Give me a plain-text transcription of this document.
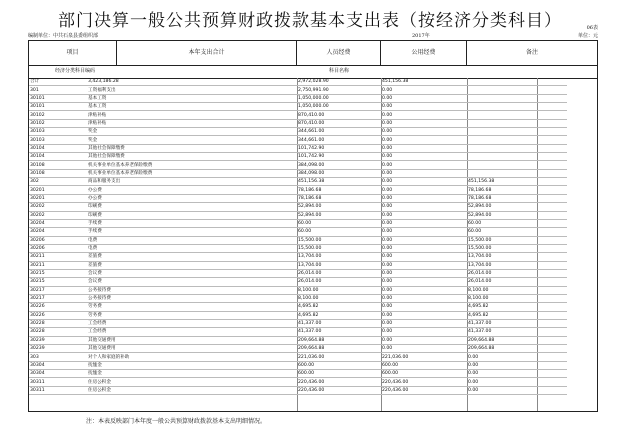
部门决算一般公共预算财政拨款基本支出表（按经济分类科目）	06表
编制单位：中共石泉县委组织部	2017年	单位：元
项目	本年支出合计	人员经费	公用经费	备注
经济分类科目编码	科目名称
合计	3,423,186.28	2,972,028.90	451,156.38		
301	工资福利支出	2,750,991.90	0.00		
30101	基本工资	1,050,000.00	0.00		
30101	基本工资	1,050,000.00	0.00		
30102	津贴补贴	870,410.00	0.00		
30102	津贴补贴	870,410.00	0.00		
30103	奖金	344,661.00	0.00		
30103	奖金	344,661.00	0.00		
30104	其他社会保障缴费	101,742.90	0.00		
30104	其他社会保障缴费	101,742.90	0.00		
30108	机关事业单位基本养老保险缴费	384,098.00	0.00		
30108	机关事业单位基本养老保险缴费	384,098.00	0.00		
302	商品和服务支出	451,156.38	0.00	451,156.38	
30201	办公费	78,186.68	0.00	78,186.68	
30201	办公费	78,186.68	0.00	78,186.68	
30202	印刷费	52,894.00	0.00	52,894.00	
30202	印刷费	52,894.00	0.00	52,894.00	
30204	手续费	60.00	0.00	60.00	
30204	手续费	60.00	0.00	60.00	
30206	电费	15,500.00	0.00	15,500.00	
30206	电费	15,500.00	0.00	15,500.00	
30211	差旅费	13,704.00	0.00	13,704.00	
30211	差旅费	13,704.00	0.00	13,704.00	
30215	会议费	26,014.00	0.00	26,014.00	
30215	会议费	26,014.00	0.00	26,014.00	
30217	公务接待费	8,100.00	0.00	8,100.00	
30217	公务接待费	8,100.00	0.00	8,100.00	
30226	劳务费	4,695.82	0.00	4,695.82	
30226	劳务费	4,695.82	0.00	4,695.82	
30228	工会经费	41,337.00	0.00	41,337.00	
30228	工会经费	41,337.00	0.00	41,337.00	
30239	其他交通费用	209,664.88	0.00	209,664.88	
30239	其他交通费用	209,664.88	0.00	209,664.88	
303	对个人和家庭的补助	221,036.00	221,036.00	0.00	
30304	抚恤金	600.00	600.00	0.00	
30304	抚恤金	600.00	600.00	0.00	
30311	住房公积金	220,436.00	220,436.00	0.00	
30311	住房公积金	220,436.00	220,436.00	0.00	
注：本表反映部门本年度一般公共预算财政拨款基本支出明细情况。
